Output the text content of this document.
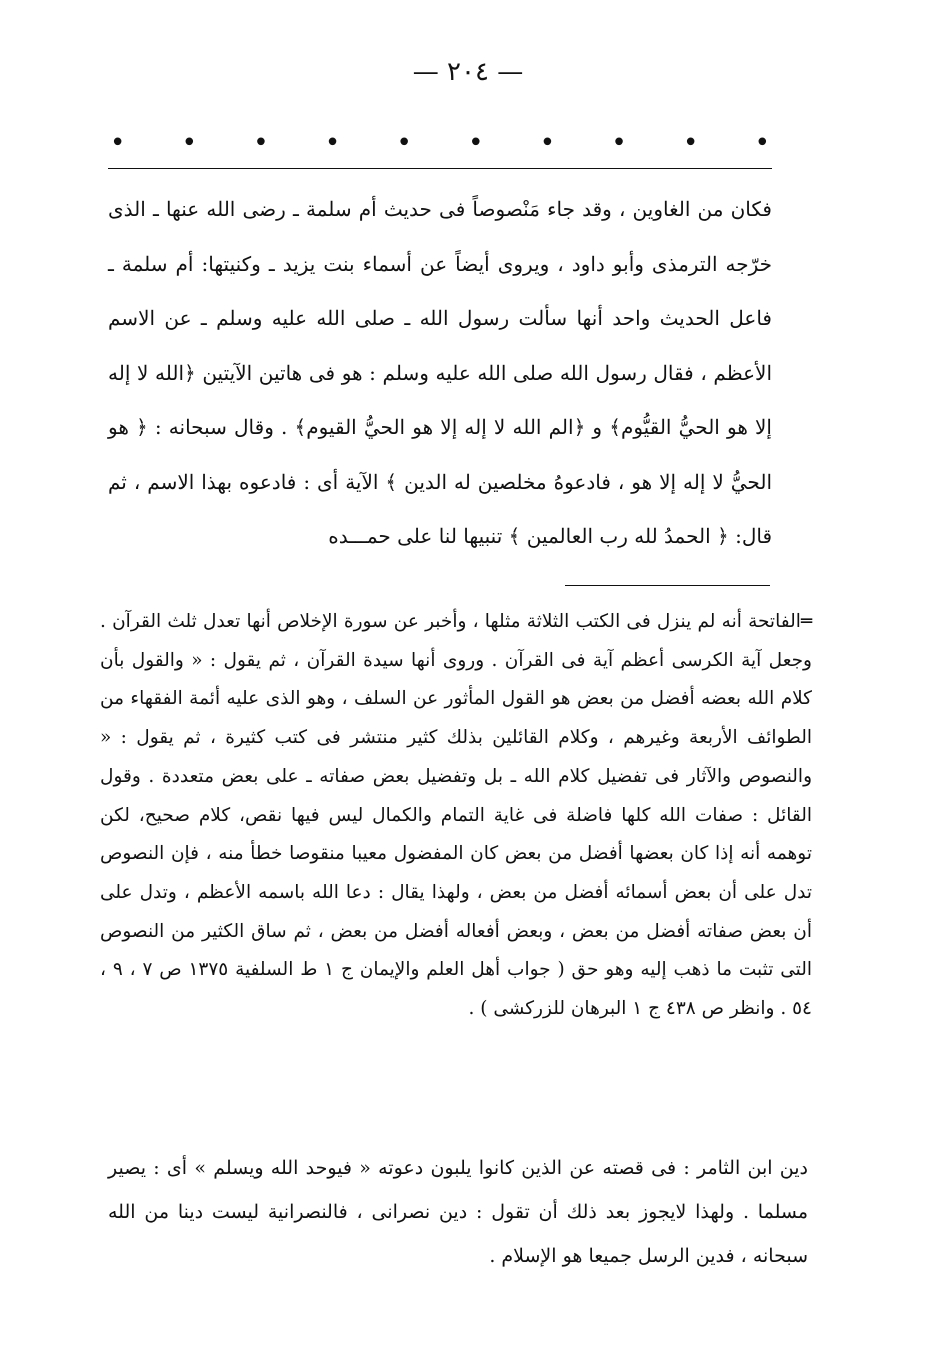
— ٢٠٤ —
•
•
•
•
•
•
•
•
•
•

فكان من الغاوين ، وقد جاء مَنْصوصاً فى حديث أم سلمة ـ رضى الله عنها ـ الذى خرّجه الترمذى وأبو داود ، ويروى أيضاً عن أسماء بنت يزيد ـ وكنيتها: أم سلمة ـ فاعل الحديث واحد أنها سألت رسول الله ـ صلى الله عليه وسلم ـ عن الاسم الأعظم ، فقال رسول الله صلى الله عليه وسلم : هو فى هاتين الآيتين ﴿الله لا إله إلا هو الحيُّ القيُّوم﴾ و ﴿الم الله لا إله إلا هو الحيُّ القيوم﴾ . وقال سبحانه : ﴿ هو الحيُّ لا إله إلا هو ، فادعوهُ مخلصين له الدين ﴾ الآية أى : فادعوه بهذا الاسم ، ثم قال: ﴿ الحمدُ لله رب العالمين ﴾ تنبيها لنا على حمـــده

═الفاتحة أنه لم ينزل فى الكتب الثلاثة مثلها ، وأخبر عن سورة الإخلاص أنها تعدل ثلث القرآن . وجعل آية الكرسى أعظم آية فى القرآن . وروى أنها سيدة القرآن ، ثم يقول : « والقول بأن كلام الله بعضه أفضل من بعض هو القول المأثور عن السلف ، وهو الذى عليه أئمة الفقهاء من الطوائف الأربعة وغيرهم ، وكلام القائلين بذلك كثير منتشر فى كتب كثيرة ، ثم يقول : « والنصوص والآثار فى تفضيل كلام الله ـ بل وتفضيل بعض صفاته ـ على بعض متعددة . وقول القائل : صفات الله كلها فاضلة فى غاية التمام والكمال ليس فيها نقص، كلام صحيح، لكن توهمه أنه إذا كان بعضها أفضل من بعض كان المفضول معيبا منقوصا خطأ منه ، فإن النصوص تدل على أن بعض أسمائه أفضل من بعض ، ولهذا يقال : دعا الله باسمه الأعظم ، وتدل على أن بعض صفاته أفضل من بعض ، وبعض أفعاله أفضل من بعض ، ثم ساق الكثير من النصوص التى تثبت ما ذهب إليه وهو حق ( جواب أهل العلم والإيمان ج ١ ط السلفية ١٣٧٥ ص ٧ ، ٩ ، ٥٤ . وانظر ص ٤٣٨ ج ١ البرهان للزركشى ) .

دين ابن الثامر : فى قصته عن الذين كانوا يلبون دعوته « فيوحد الله ويسلم » أى : يصير مسلما . ولهذا لايجوز بعد ذلك أن تقول : دين نصرانى ، فالنصرانية ليست دينا من الله سبحانه ، فدين الرسل جميعا هو الإسلام .
